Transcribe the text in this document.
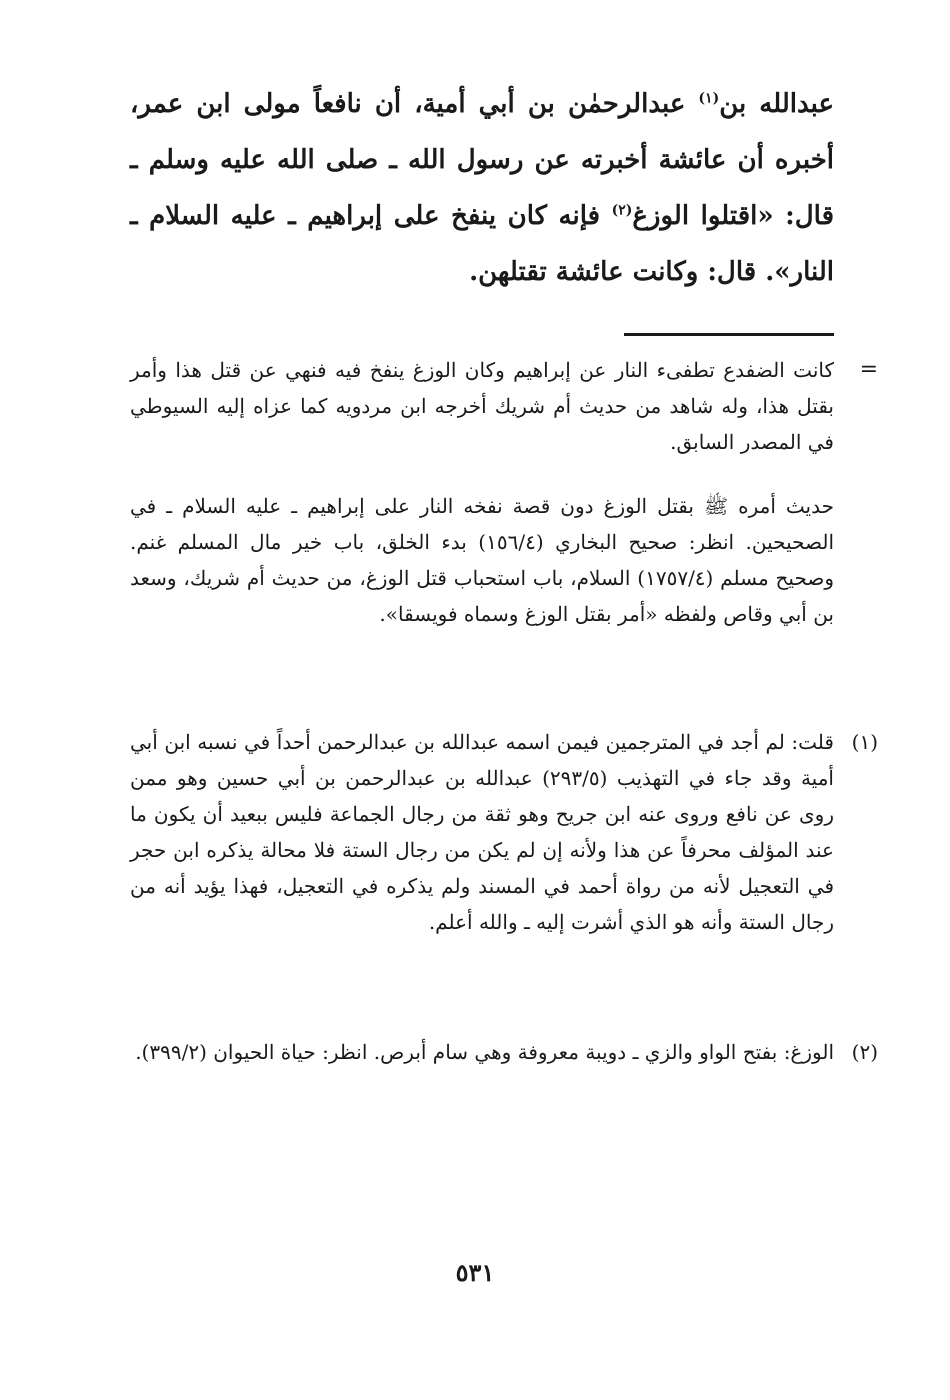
عبدالله بن$^{(١)}$ عبدالرحمٰن بن أبي أمية، أن نافعاً مولى ابن عمر، أخبره أن عائشة أخبرته عن رسول الله ـ صلى الله عليه وسلم ـ قال: «اقتلوا الوزغ$^{(٢)}$ فإنه كان ينفخ على إبراهيم ـ عليه السلام ـ النار». قال: وكانت عائشة تقتلهن.
=
كانت الضفدع تطفىء النار عن إبراهيم وكان الوزغ ينفخ فيه فنهي عن قتل هذا وأمر بقتل هذا، وله شاهد من حديث أم شريك أخرجه ابن مردويه كما عزاه إليه السيوطي في المصدر السابق.
حديث أمره ﷺ بقتل الوزغ دون قصة نفخه النار على إبراهيم ـ عليه السلام ـ في الصحيحين. انظر: صحيح البخاري (١٥٦/٤) بدء الخلق، باب خير مال المسلم غنم. وصحيح مسلم (١٧٥٧/٤) السلام، باب استحباب قتل الوزغ، من حديث أم شريك، وسعد بن أبي وقاص ولفظه «أمر بقتل الوزغ وسماه فويسقا».
(١)
قلت: لم أجد في المترجمين فيمن اسمه عبدالله بن عبدالرحمن أحداً في نسبه ابن أبي أمية وقد جاء في التهذيب (٢٩٣/٥) عبدالله بن عبدالرحمن بن أبي حسين وهو ممن روى عن نافع وروى عنه ابن جريح وهو ثقة من رجال الجماعة فليس ببعيد أن يكون ما عند المؤلف محرفاً عن هذا ولأنه إن لم يكن من رجال الستة فلا محالة يذكره ابن حجر في التعجيل لأنه من رواة أحمد في المسند ولم يذكره في التعجيل، فهذا يؤيد أنه من رجال الستة وأنه هو الذي أشرت إليه ـ والله أعلم.
(٢)
الوزغ: بفتح الواو والزي ـ دويبة معروفة وهي سام أبرص. انظر: حياة الحيوان (٣٩٩/٢).
٥٣١
